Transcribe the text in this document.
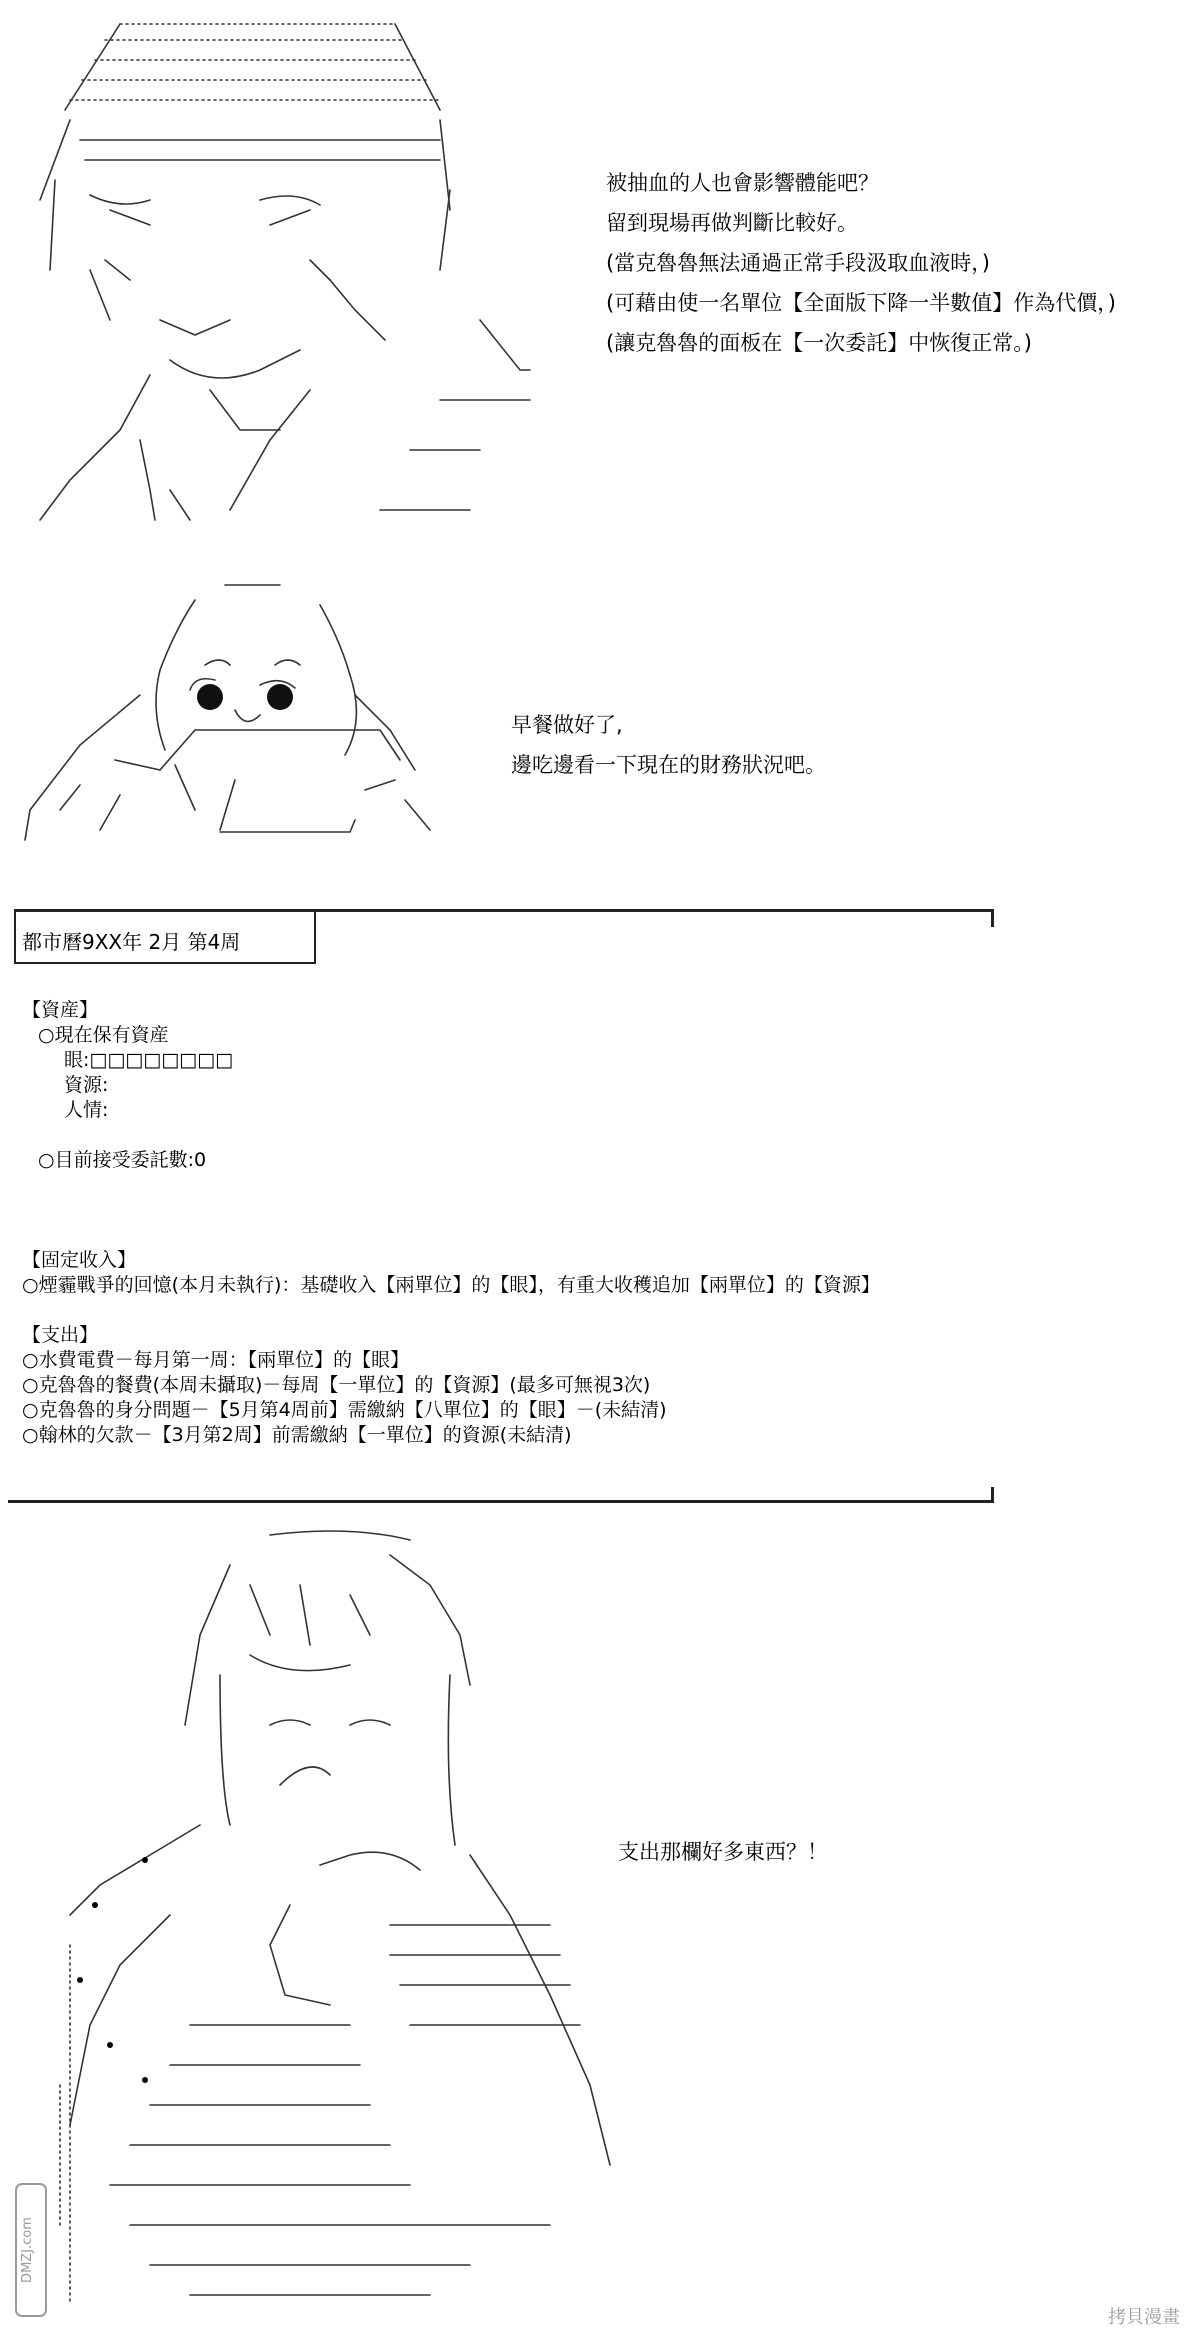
被抽血的人也會影響體能吧？
留到現場再做判斷比較好。
(當克魯魯無法通過正常手段汲取血液時，)
(可藉由使一名單位【全面版下降一半數值】作為代價，)
(讓克魯魯的面板在【一次委託】中恢復正常。)
早餐做好了,
邊吃邊看一下現在的財務狀況吧。
都市曆9XX年 2月 第4周
【資産】
○現在保有資産
眼:□□□□□□□□
資源:
人情:
○目前接受委託數:0
【固定收入】
○煙霾戰爭的回憶(本月未執行)：基礎收入【兩單位】的【眼】，有重大收穫追加【兩單位】的【資源】
【支出】
○水費電費－每月第一周：【兩單位】的【眼】
○克魯魯的餐費(本周未攝取)－每周【一單位】的【資源】(最多可無視3次)
○克魯魯的身分問題－【5月第4周前】需繳納【八單位】的【眼】－(未結清)
○翰林的欠款－【3月第2周】前需繳納【一單位】的資源(未結清)
支出那欄好多東西？！
DMZJ.com
拷貝漫畫
